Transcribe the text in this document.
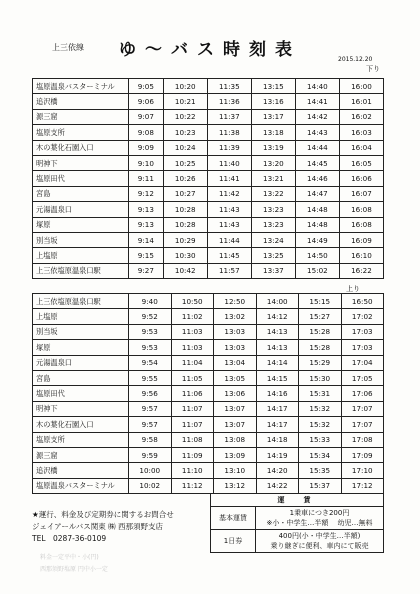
上三依線	ゆ～バス時刻表	2015.12.20
下り
上り
塩原温泉バスターミナル	9:05	10:20	11:35	13:15	14:40	16:00
追沢橋	9:06	10:21	11:36	13:16	14:41	16:01
源三窟	9:07	10:22	11:37	13:17	14:42	16:02
塩原支所	9:08	10:23	11:38	13:18	14:43	16:03
木の葉化石園入口	9:09	10:24	11:39	13:19	14:44	16:04
明神下	9:10	10:25	11:40	13:20	14:45	16:05
塩原田代	9:11	10:26	11:41	13:21	14:46	16:06
宮島	9:12	10:27	11:42	13:22	14:47	16:07
元湯温泉口	9:13	10:28	11:43	13:23	14:48	16:08
塚原	9:13	10:28	11:43	13:23	14:48	16:08
別当坂	9:14	10:29	11:44	13:24	14:49	16:09
上塩原	9:15	10:30	11:45	13:25	14:50	16:10
上三依塩原温泉口駅	9:27	10:42	11:57	13:37	15:02	16:22
上三依塩原温泉口駅	9:40	10:50	12:50	14:00	15:15	16:50
上塩原	9:52	11:02	13:02	14:12	15:27	17:02
別当坂	9:53	11:03	13:03	14:13	15:28	17:03
塚原	9:53	11:03	13:03	14:13	15:28	17:03
元湯温泉口	9:54	11:04	13:04	14:14	15:29	17:04
宮島	9:55	11:05	13:05	14:15	15:30	17:05
塩原田代	9:56	11:06	13:06	14:16	15:31	17:06
明神下	9:57	11:07	13:07	14:17	15:32	17:07
木の葉化石園入口	9:57	11:07	13:07	14:17	15:32	17:07
塩原支所	9:58	11:08	13:08	14:18	15:33	17:08
源三窟	9:59	11:09	13:09	14:19	15:34	17:09
追沢橋	10:00	11:10	13:10	14:20	15:35	17:10
塩原温泉バスターミナル	10:02	11:12	13:12	14:22	15:37	17:12
★運行、料金及び定期券に関するお問合せ
ジェイアールバス関東 ㈱ 西那須野支店
TEL　0287-36-0109
運　賃	
基本運賃	1乗車につき200円
※小・中学生…半額　 幼児…無料

1日券	400円(小・中学生…半額)
乗り継ぎに便利、車内にて販売
料金一定平中・小(円)
西那須野塩原 円中小一定
